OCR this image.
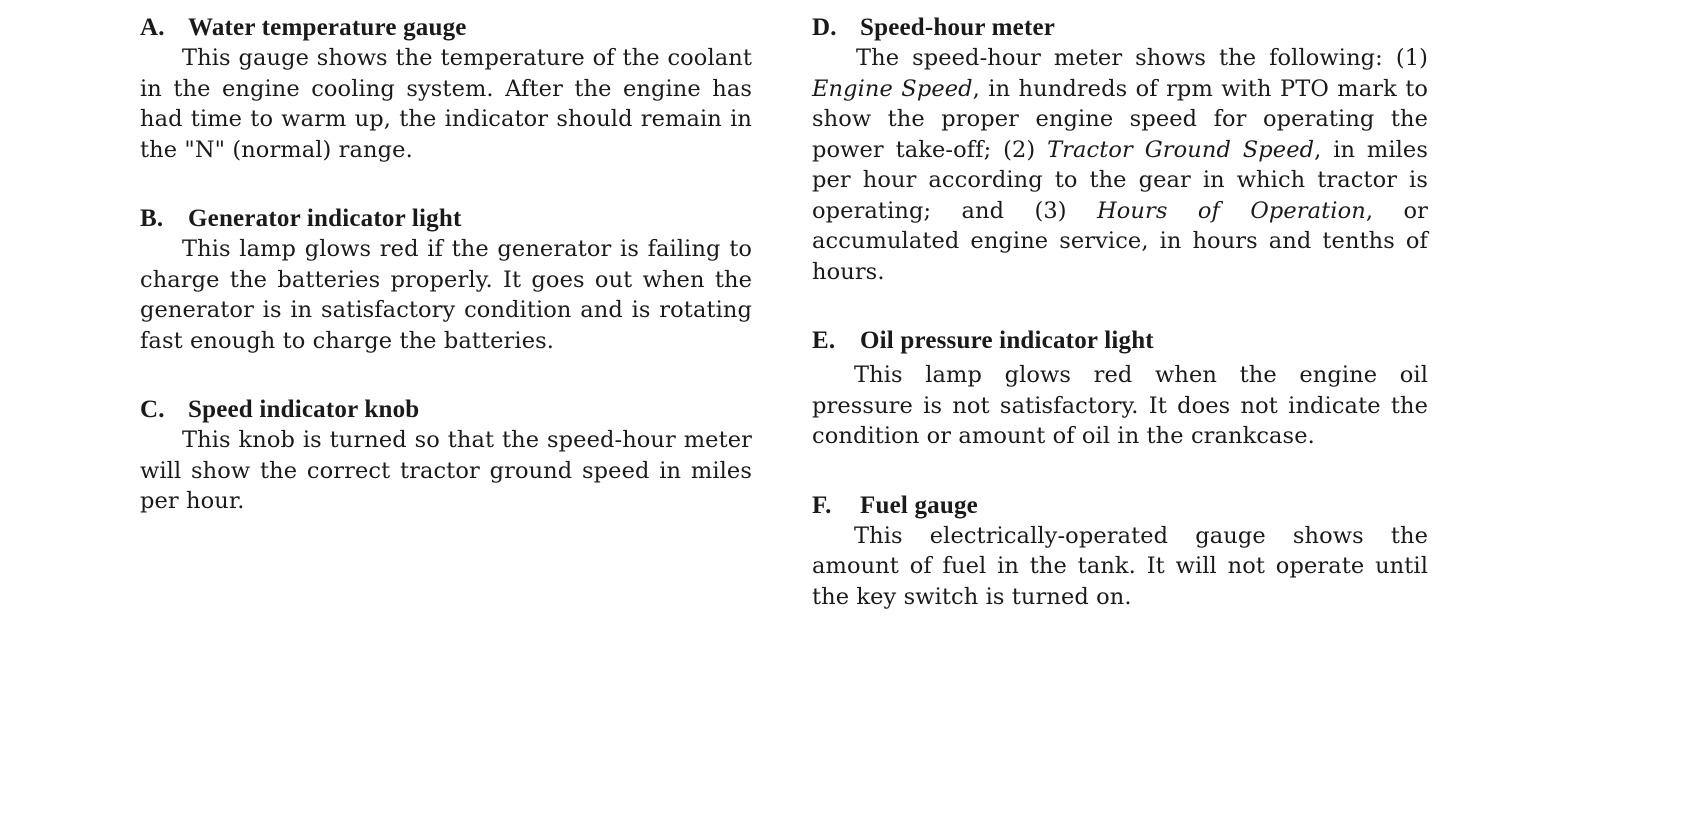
A. Water temperature gauge

This gauge shows the temperature of the coolant in the engine cooling system. After the engine has had time to warm up, the indicator should remain in the "N" (normal) range.

B. Generator indicator light

This lamp glows red if the generator is failing to charge the batteries properly. It goes out when the generator is in satisfactory condition and is rotating fast enough to charge the batteries.

C. Speed indicator knob

This knob is turned so that the speed-hour meter will show the correct tractor ground speed in miles per hour.

D. Speed-hour meter

The speed-hour meter shows the following: (1) Engine Speed, in hundreds of rpm with PTO mark to show the proper engine speed for operating the power take-off; (2) Tractor Ground Speed, in miles per hour according to the gear in which tractor is operating; and (3) Hours of Operation, or accumulated engine service, in hours and tenths of hours.

E. Oil pressure indicator light

This lamp glows red when the engine oil pressure is not satisfactory. It does not indicate the condition or amount of oil in the crankcase.

F. Fuel gauge

This electrically-operated gauge shows the amount of fuel in the tank. It will not operate until the key switch is turned on.
